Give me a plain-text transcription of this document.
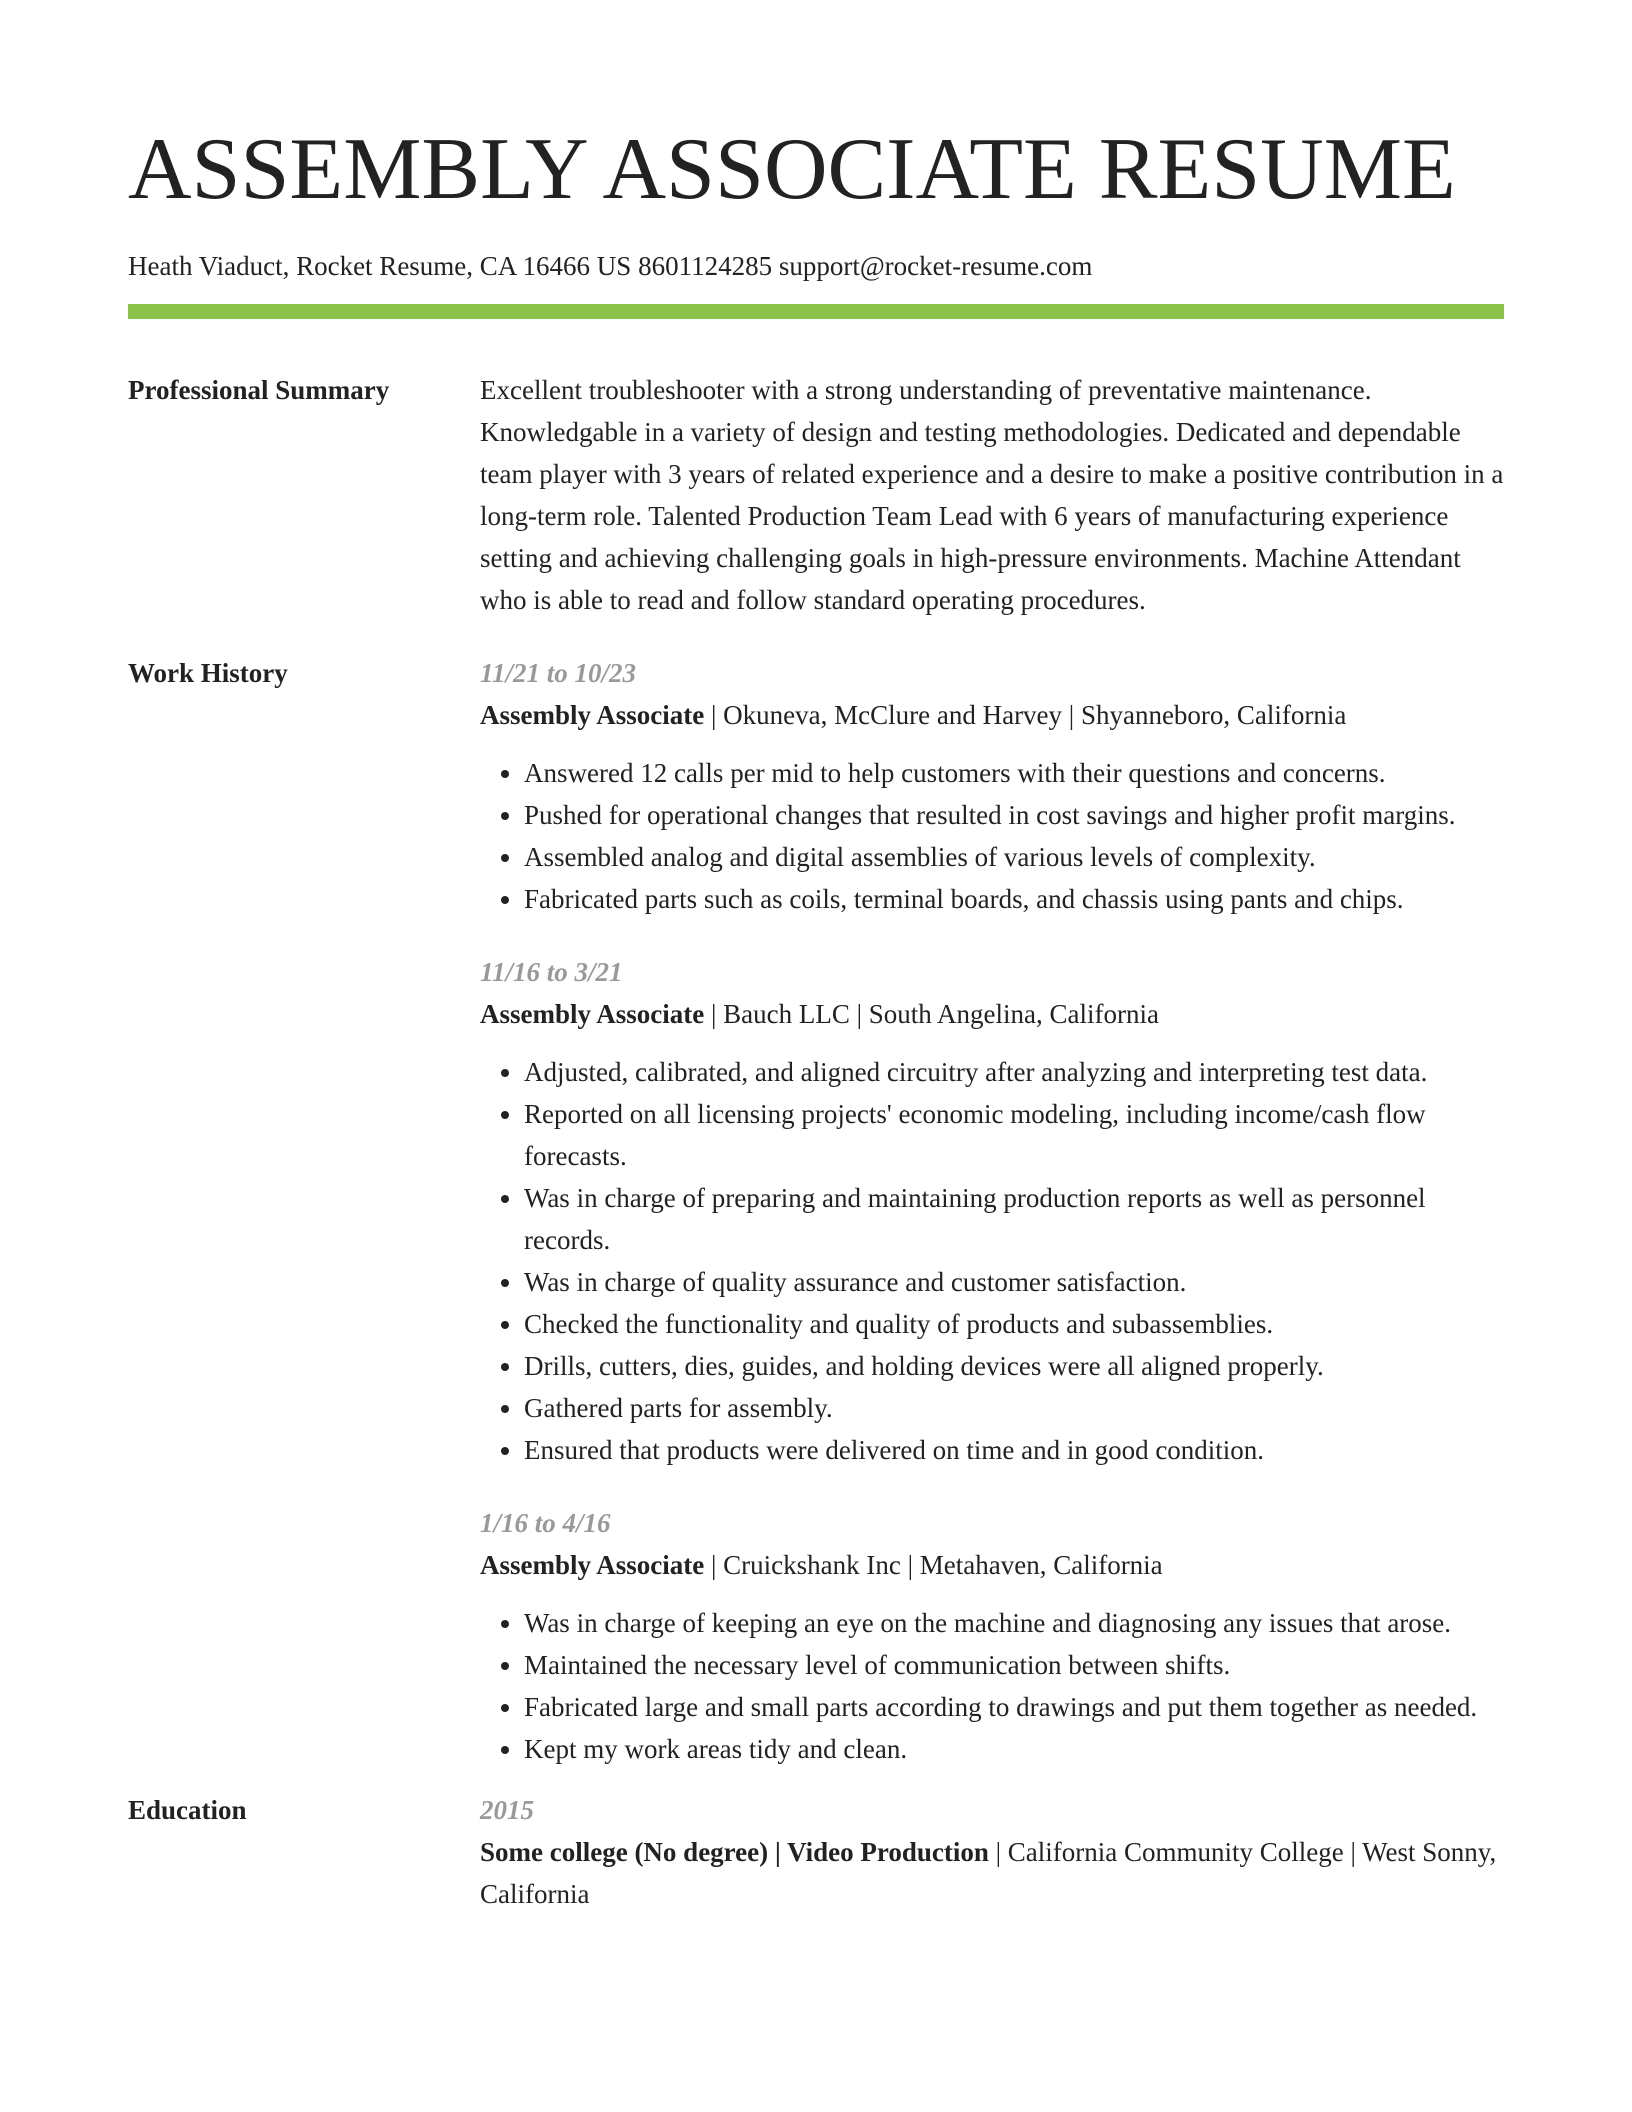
ASSEMBLY ASSOCIATE RESUME
Heath Viaduct, Rocket Resume, CA 16466 US 8601124285 support@rocket-resume.com
Professional Summary	Excellent troubleshooter with a strong understanding of preventative maintenance. Knowledgable in a variety of design and testing methodologies. Dedicated and dependable team player with 3 years of related experience and a desire to make a positive contribution in a long-term role. Talented Production Team Lead with 6 years of manufacturing experience setting and achieving challenging goals in high-pressure environments. Machine Attendant who is able to read and follow standard operating procedures.
Work History	11/21 to 10/23
Assembly Associate | Okuneva, McClure and Harvey | Shyanneboro, California
• Answered 12 calls per mid to help customers with their questions and concerns.
• Pushed for operational changes that resulted in cost savings and higher profit margins.
• Assembled analog and digital assemblies of various levels of complexity.
• Fabricated parts such as coils, terminal boards, and chassis using pants and chips.
11/16 to 3/21
Assembly Associate | Bauch LLC | South Angelina, California
• Adjusted, calibrated, and aligned circuitry after analyzing and interpreting test data.
• Reported on all licensing projects' economic modeling, including income/cash flow forecasts.
• Was in charge of preparing and maintaining production reports as well as personnel records.
• Was in charge of quality assurance and customer satisfaction.
• Checked the functionality and quality of products and subassemblies.
• Drills, cutters, dies, guides, and holding devices were all aligned properly.
• Gathered parts for assembly.
• Ensured that products were delivered on time and in good condition.
1/16 to 4/16
Assembly Associate | Cruickshank Inc | Metahaven, California
• Was in charge of keeping an eye on the machine and diagnosing any issues that arose.
• Maintained the necessary level of communication between shifts.
• Fabricated large and small parts according to drawings and put them together as needed.
• Kept my work areas tidy and clean.
Education	2015
Some college (No degree) | Video Production | California Community College | West Sonny, California
